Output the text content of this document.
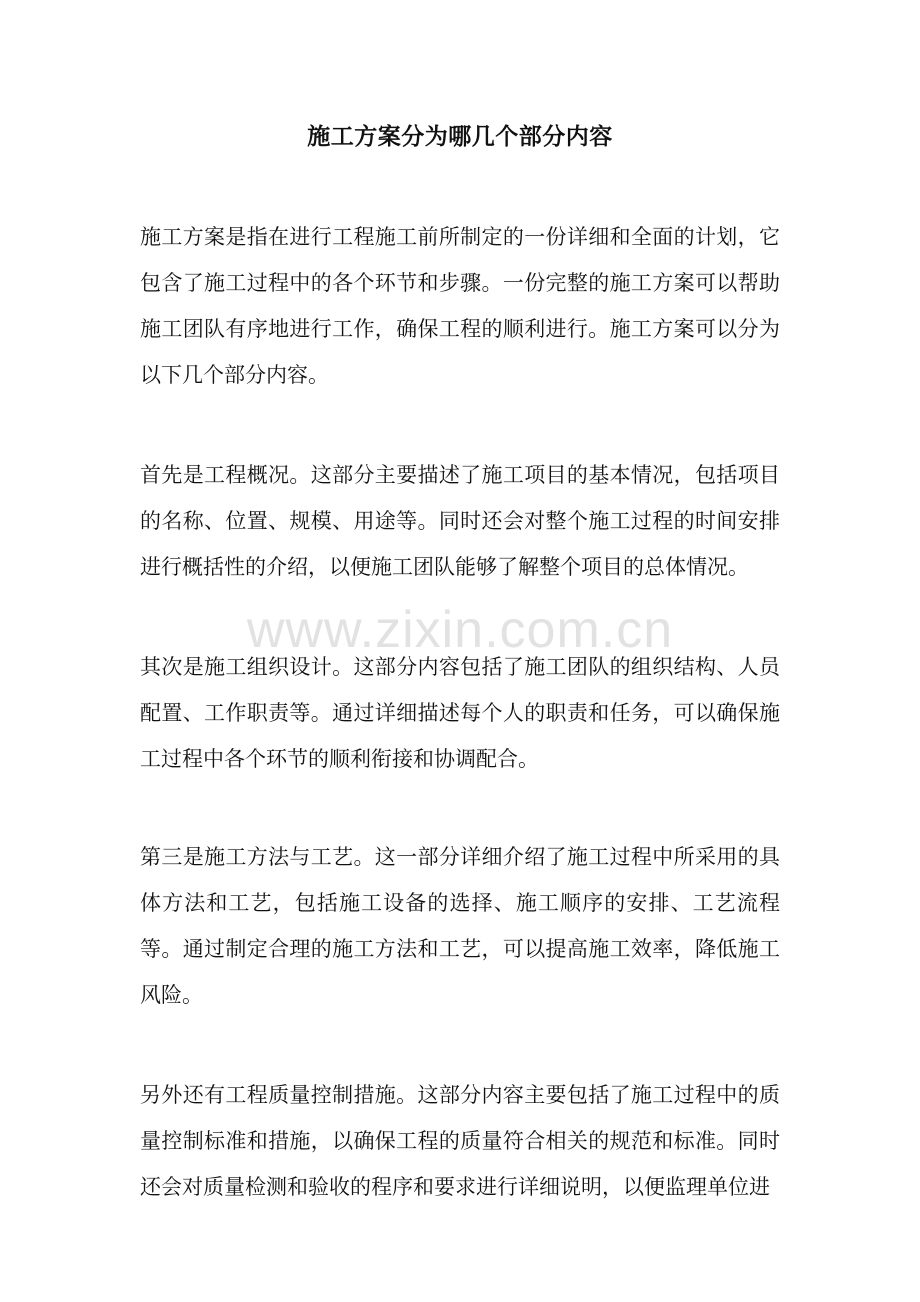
施工方案分为哪几个部分内容

施工方案是指在进行工程施工前所制定的一份详细和全面的计划，它包含了施工过程中的各个环节和步骤。一份完整的施工方案可以帮助施工团队有序地进行工作，确保工程的顺利进行。施工方案可以分为以下几个部分内容。

首先是工程概况。这部分主要描述了施工项目的基本情况，包括项目的名称、位置、规模、用途等。同时还会对整个施工过程的时间安排进行概括性的介绍，以便施工团队能够了解整个项目的总体情况。

其次是施工组织设计。这部分内容包括了施工团队的组织结构、人员配置、工作职责等。通过详细描述每个人的职责和任务，可以确保施工过程中各个环节的顺利衔接和协调配合。

第三是施工方法与工艺。这一部分详细介绍了施工过程中所采用的具体方法和工艺，包括施工设备的选择、施工顺序的安排、工艺流程等。通过制定合理的施工方法和工艺，可以提高施工效率，降低施工风险。

另外还有工程质量控制措施。这部分内容主要包括了施工过程中的质量控制标准和措施，以确保工程的质量符合相关的规范和标准。同时还会对质量检测和验收的程序和要求进行详细说明，以便监理单位进

www.zixin.com.cn
